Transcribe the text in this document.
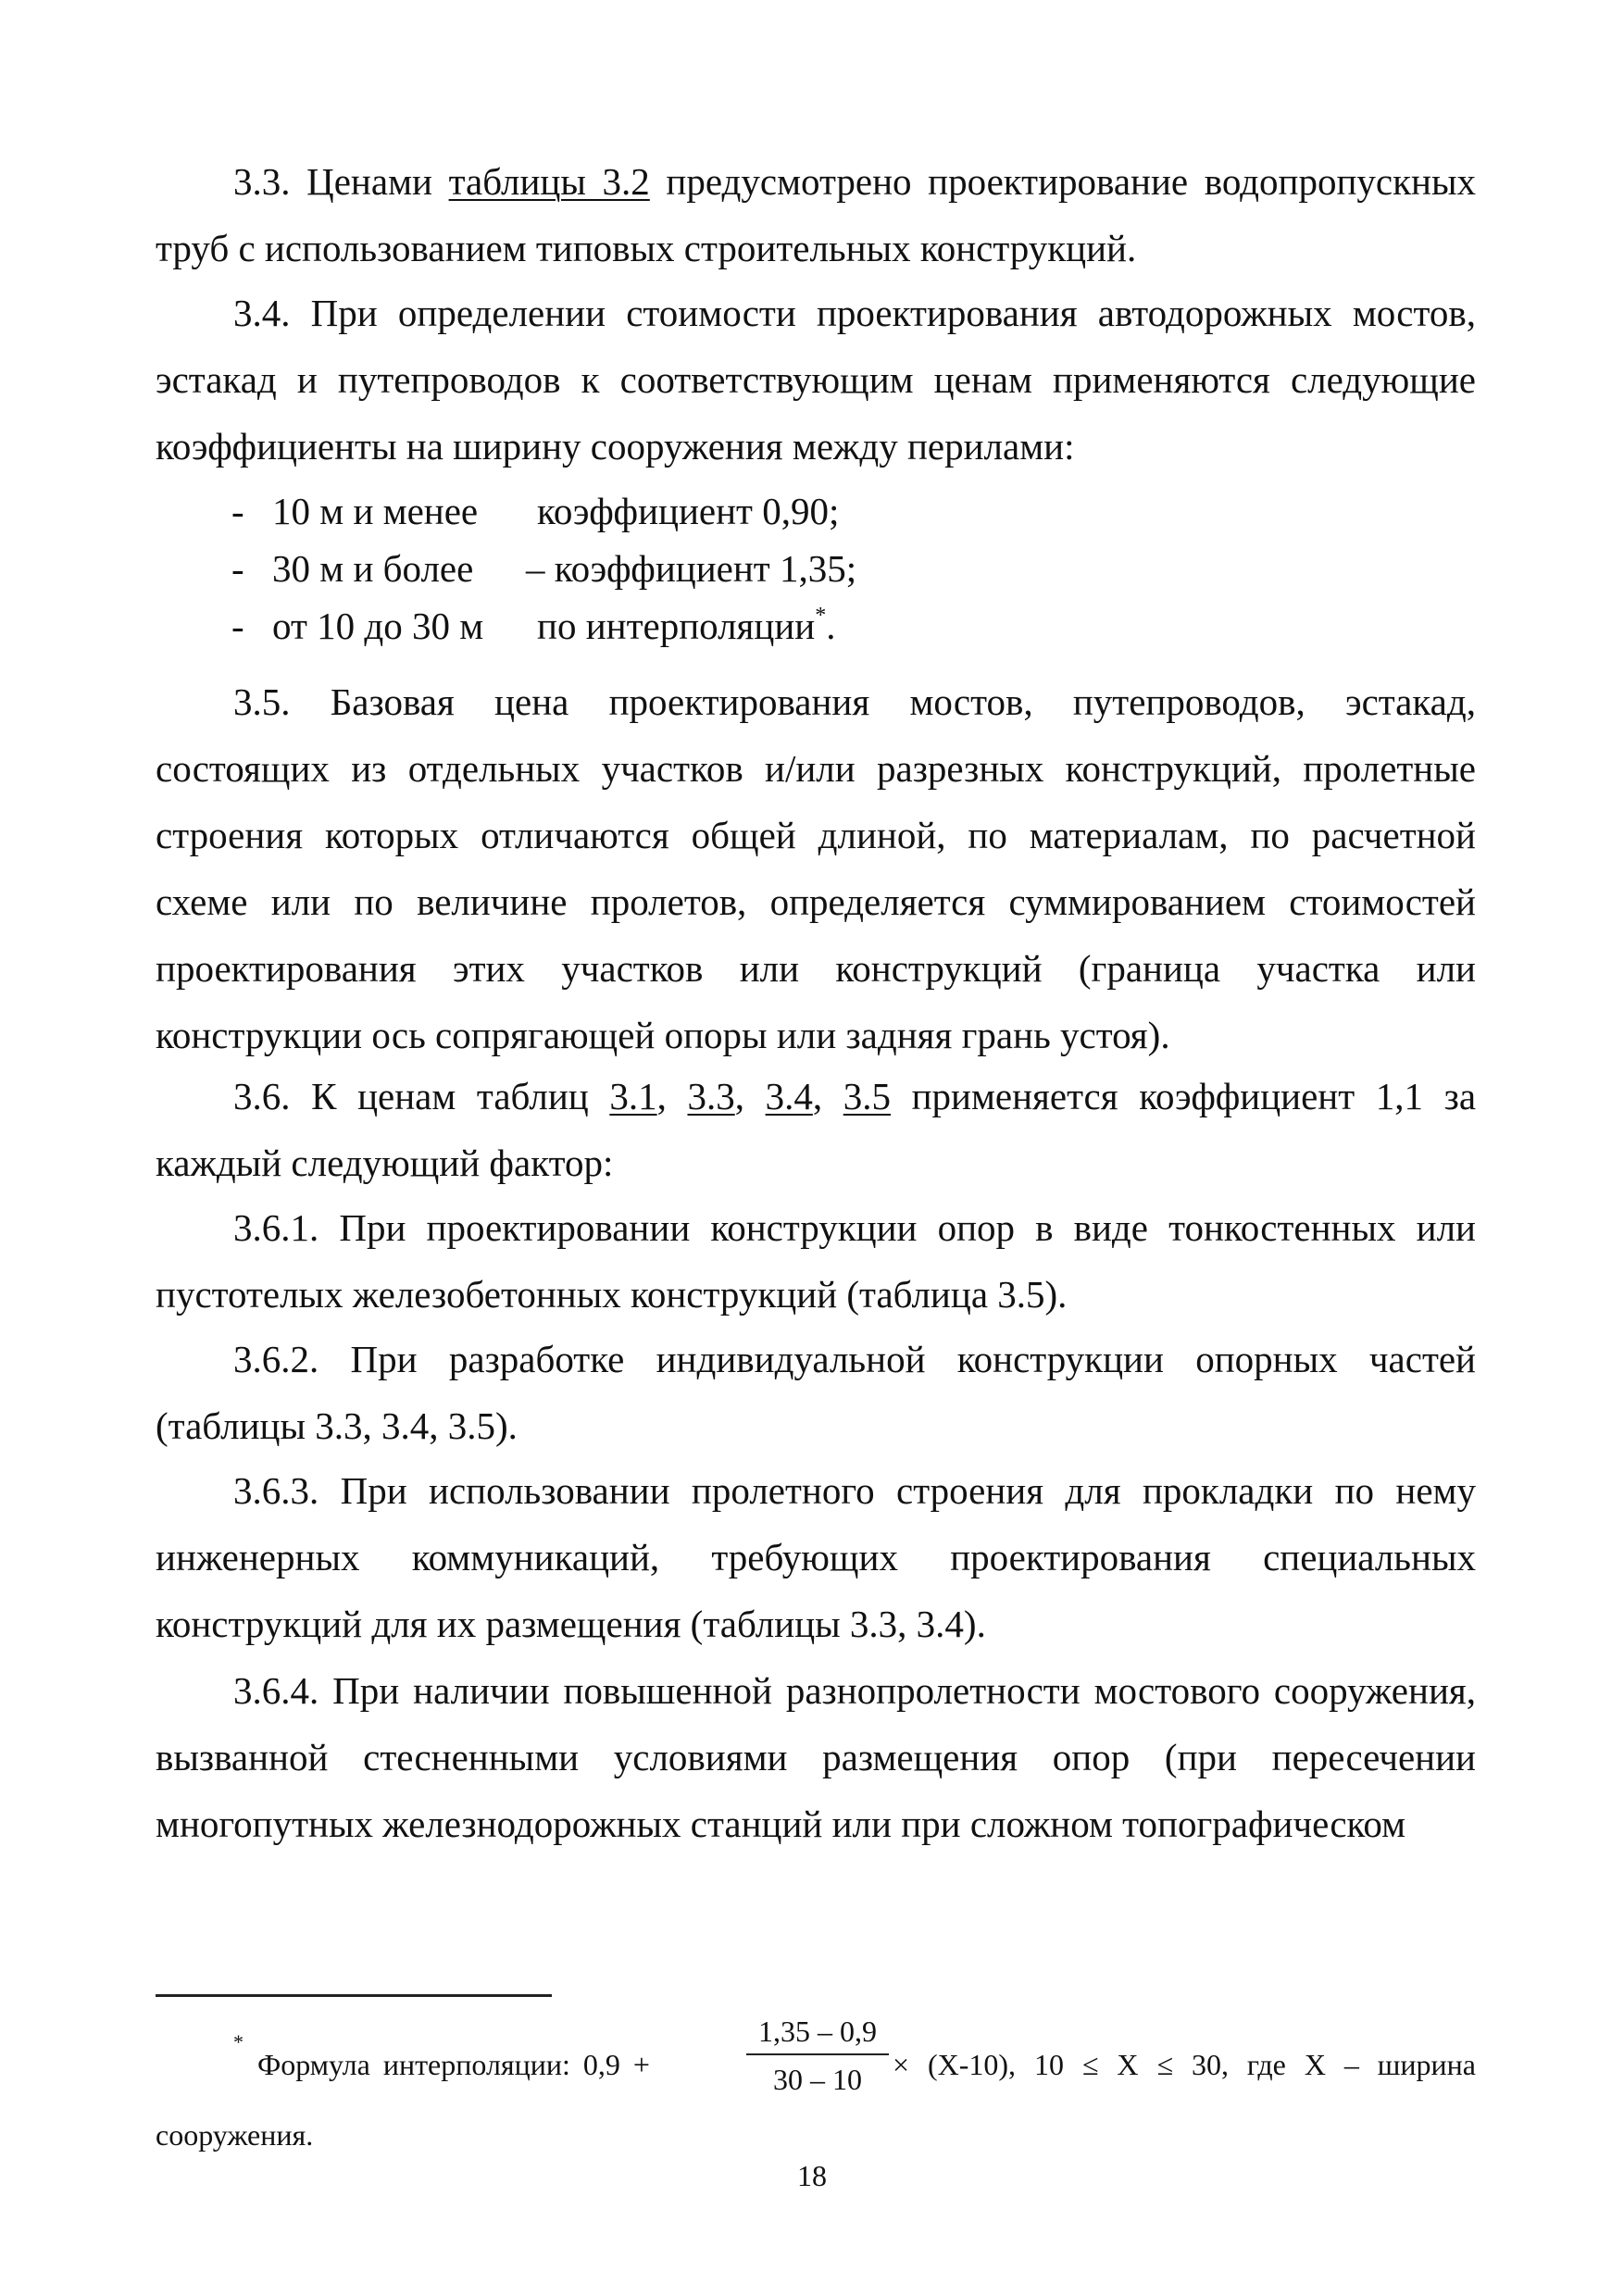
3.3. Ценами таблицы 3.2 предусмотрено проектирование водопропускных труб с использованием типовых строительных конструкций.

3.4. При определении стоимости проектирования автодорожных мостов, эстакад и путепроводов к соответствующим ценам применяются следующие коэффициенты на ширину сооружения между перилами:

- 10 м и менее коэффициент 0,90;
- 30 м и более – коэффициент 1,35;
- от 10 до 30 м по интерполяции*.

3.5. Базовая цена проектирования мостов, путепроводов, эстакад, состоящих из отдельных участков и/или разрезных конструкций, пролетные строения которых отличаются общей длиной, по материалам, по расчетной схеме или по величине пролетов, определяется суммированием стоимостей проектирования этих участков или конструкций (граница участка или конструкции ось сопрягающей опоры или задняя грань устоя).

3.6. К ценам таблиц 3.1, 3.3, 3.4, 3.5 применяется коэффициент 1,1 за каждый следующий фактор:

3.6.1. При проектировании конструкции опор в виде тонкостенных или пустотелых железобетонных конструкций (таблица 3.5).

3.6.2. При разработке индивидуальной конструкции опорных частей (таблицы 3.3, 3.4, 3.5).

3.6.3. При использовании пролетного строения для прокладки по нему инженерных коммуникаций, требующих проектирования специальных конструкций для их размещения (таблицы 3.3, 3.4).

3.6.4. При наличии повышенной разнопролетности мостового сооружения, вызванной стесненными условиями размещения опор (при пересечении многопутных железнодорожных станций или при сложном топографическом

*
Формула интерполяции: 0,9 +
1,35 – 0,9
30 – 10	× (X-10), 10 ≤ X ≤ 30, где X – ширина
сооружения.
18
